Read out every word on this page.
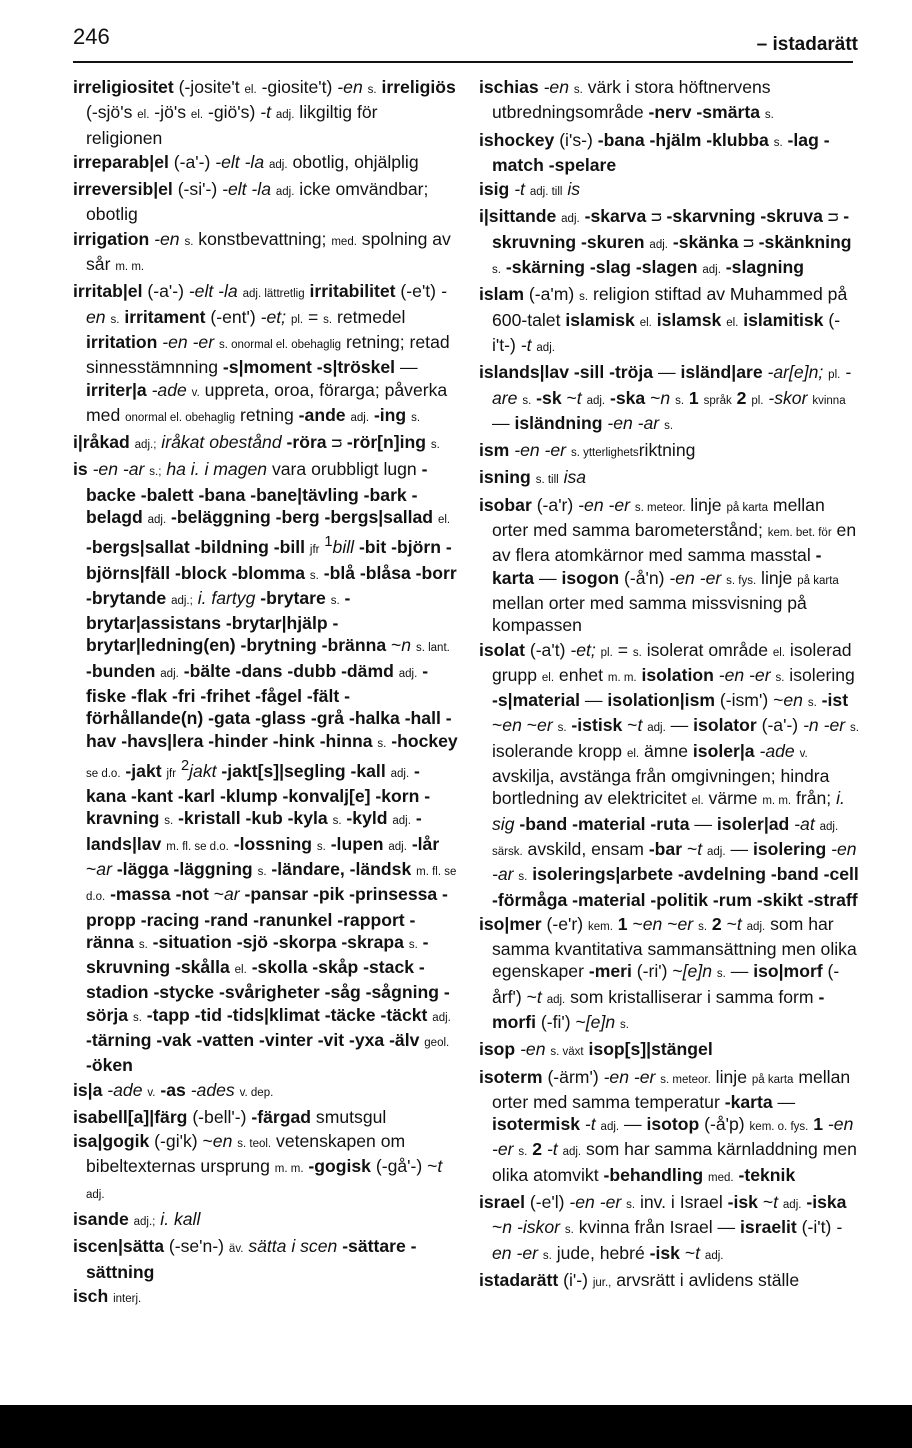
246	– istadarätt

irreligiositet (-josite't el. -giosite't) -en s. irreligiös (-sjö's el. -jö's el. -giö's) -t adj. likgiltig för religionen

irreparab|el (-a'-) -elt -la adj. obotlig, ohjälplig

irreversib|el (-si'-) -elt -la adj. icke omvändbar; obotlig

irrigation -en s. konstbevattning; med. spolning av sår m. m.

irritab|el (-a'-) -elt -la adj. lättretlig irritabilitet (-e't) -en s. irritament (-ent') -et; pl. = s. retmedel irritation -en -er s. onormal el. obehaglig retning; retad sinnesstämnning -s|moment -s|tröskel — irriter|a -ade v. uppreta, oroa, förarga; påverka med onormal el. obehaglig retning -ande adj. -ing s.

i|råkad adj.; iråkat obestånd -röra ᴝ -rör[n]ing s.

is -en -ar s.; ha i. i magen vara orubbligt lugn -backe -balett -bana -bane|tävling -bark -belagd adj. -beläggning -berg -bergs|sallad el. -bergs|sallat -bildning -bill jfr $^1$bill -bit -björn -björns|fäll -block -blomma s. -blå -blåsa -borr -brytande adj.; i. fartyg -brytare s. -brytar|assistans -brytar|hjälp -brytar|ledning(en) -brytning -bränna ~n s. lant. -bunden adj. -bälte -dans -dubb -dämd adj. -fiske -flak -fri -frihet -fågel -fält -förhållande(n) -gata -glass -grå -halka -hall -hav -havs|lera -hinder -hink -hinna s. -hockey se d.o. -jakt jfr $^2$jakt -jakt[s]|segling -kall adj. -kana -kant -karl -klump -konvalj[e] -korn -kravning s. -kristall -kub -kyla s. -kyld adj. -lands|lav m. fl. se d.o. -lossning s. -lupen adj. -lår ~ar -lägga -läggning s. -ländare, -ländsk m. fl. se d.o. -massa -not ~ar -pansar -pik -prinsessa -propp -racing -rand -ranunkel -rapport -ränna s. -situation -sjö -skorpa -skrapa s. -skruvning -skålla el. -skolla -skåp -stack -stadion -stycke -svårigheter -såg -sågning -sörja s. -tapp -tid -tids|klimat -täcke -täckt adj. -tärning -vak -vatten -vinter -vit -yxa -älv geol. -öken

is|a -ade v. -as -ades v. dep.

isabell[a]|färg (-bell'-) -färgad smutsgul

isa|gogik (-gi'k) ~en s. teol. vetenskapen om bibeltexternas ursprung m. m. -gogisk (-gå'-) ~t adj.

isande adj.; i. kall

iscen|sätta (-se'n-) äv. sätta i scen -sättare -sättning

isch interj.

ischias -en s. värk i stora höftnervens utbredningsområde -nerv -smärta s.

ishockey (i's-) -bana -hjälm -klubba s. -lag -match -spelare

isig -t adj. till is

i|sittande adj. -skarva ᴝ -skarvning -skruva ᴝ -skruvning -skuren adj. -skänka ᴝ -skänkning s. -skärning -slag -slagen adj. -slagning

islam (-a'm) s. religion stiftad av Muhammed på 600-talet islamisk el. islamsk el. islamitisk (-i't-) -t adj.

islands|lav -sill -tröja — isländ|are -ar[e]n; pl. -are s. -sk ~t adj. -ska ~n s. 1 språk 2 pl. -skor kvinna — isländning -en -ar s.

ism -en -er s. ytterlighetsriktning

isning s. till isa

isobar (-a'r) -en -er s. meteor. linje på karta mellan orter med samma barometerstånd; kem. bet. för en av flera atomkärnor med samma masstal -karta — isogon (-å'n) -en -er s. fys. linje på karta mellan orter med samma missvisning på kompassen

isolat (-a't) -et; pl. = s. isolerat område el. isolerad grupp el. enhet m. m. isolation -en -er s. isolering -s|material — isolation|ism (-ism') ~en s. -ist ~en ~er s. -istisk ~t adj. — isolator (-a'-) -n -er s. isolerande kropp el. ämne isoler|a -ade v. avskilja, avstänga från omgivningen; hindra bortledning av elektricitet el. värme m. m. från; i. sig -band -material -ruta — isoler|ad -at adj. särsk. avskild, ensam -bar ~t adj. — isolering -en -ar s. isolerings|arbete -avdelning -band -cell -förmåga -material -politik -rum -skikt -straff

iso|mer (-e'r) kem. 1 ~en ~er s. 2 ~t adj. som har samma kvantitativa sammansättning men olika egenskaper -meri (-ri') ~[e]n s. — iso|morf (-årf') ~t adj. som kristalliserar i samma form -morfi (-fi') ~[e]n s.

isop -en s. växt isop[s]|stängel

isoterm (-ärm') -en -er s. meteor. linje på karta mellan orter med samma temperatur -karta — isotermisk -t adj. — isotop (-å'p) kem. o. fys. 1 -en -er s. 2 -t adj. som har samma kärnladdning men olika atomvikt -behandling med. -teknik

israel (-e'l) -en -er s. inv. i Israel -isk ~t adj. -iska ~n -iskor s. kvinna från Israel — israelit (-i't) -en -er s. jude, hebré -isk ~t adj.

istadarätt (i'-) jur., arvsrätt i avlidens ställe
